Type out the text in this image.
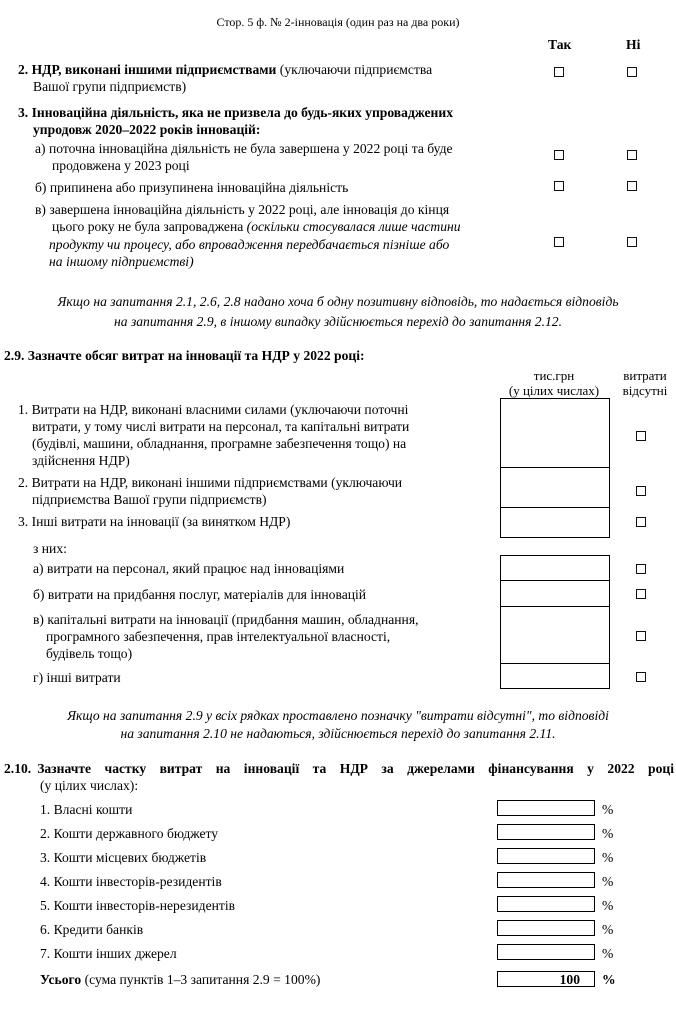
Стор. 5 ф. № 2-інновація (один раз на два роки)
Так	Ні
2. НДР, виконані іншими підприємствами (уключаючи підприємства
Вашої групи підприємств)
3. Інноваційна діяльність, яка не призвела до будь-яких упроваджених
упродовж 2020–2022 років інновацій:
а) поточна інноваційна діяльність не була завершена у 2022 році та буде
продовжена у 2023 році
б) припинена або призупинена інноваційна діяльність
в) завершена інноваційна діяльність у 2022 році, але інновація до кінця
цього року не була запроваджена (оскільки стосувалася лише частини
продукту чи процесу, або впровадження передбачається пізніше або
на іншому підприємстві)
Якщо на запитання 2.1, 2.6, 2.8 надано хоча б одну позитивну відповідь, то надається відповідь
на запитання 2.9, в іншому випадку здійснюється перехід до запитання 2.12.
2.9. Зазначте обсяг витрат на інновації та НДР у 2022 році:
тис.грн
(у цілих числах)
витрати
відсутні
1. Витрати на НДР, виконані власними силами (уключаючи поточні
витрати, у тому числі витрати на персонал, та капітальні витрати
(будівлі, машини, обладнання, програмне забезпечення тощо) на
здійснення НДР)
2. Витрати на НДР, виконані іншими підприємствами (уключаючи
підприємства Вашої групи підприємств)
3. Інші витрати на інновації (за винятком НДР)
з них:
а) витрати на персонал, який працює над інноваціями
б) витрати на придбання послуг, матеріалів для інновацій
в) капітальні витрати на інновації (придбання машин, обладнання,
програмного забезпечення, прав інтелектуальної власності,
будівель тощо)
г) інші витрати
Якщо на запитання 2.9 у всіх рядках проставлено позначку "витрати відсутні", то відповіді
на запитання 2.10 не надаються, здійснюється перехід до запитання 2.11.
2.10. Зазначте частку витрат на інновації та НДР за джерелами фінансування у 2022 році
(у цілих числах):
1. Власні кошти	%
2. Кошти державного бюджету	%
3. Кошти місцевих бюджетів	%
4. Кошти інвесторів-резидентів	%
5. Кошти інвесторів-нерезидентів	%
6. Кредити банків	%
7. Кошти інших джерел	%
Усього (сума пунктів 1–3 запитання 2.9 = 100%)	100 %
